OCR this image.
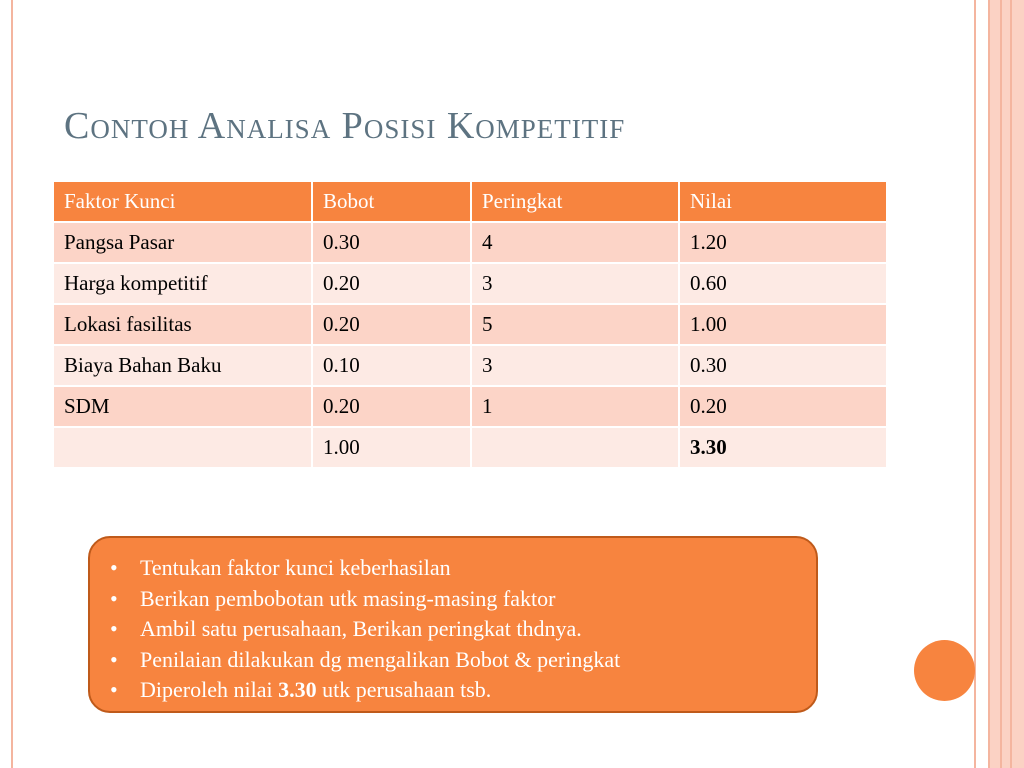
Contoh Analisa Posisi Kompetitif
Faktor Kunci	Bobot	Peringkat	Nilai
Pangsa Pasar	0.30	4	1.20
Harga kompetitif	0.20	3	0.60
Lokasi fasilitas	0.20	5	1.00
Biaya Bahan Baku	0.10	3	0.30
SDM	0.20	1	0.20
	1.00		3.30
• Tentukan faktor kunci keberhasilan
• Berikan pembobotan utk masing-masing faktor
• Ambil satu perusahaan, Berikan peringkat thdnya.
• Penilaian dilakukan dg mengalikan Bobot & peringkat
• Diperoleh nilai 3.30 utk perusahaan tsb.
